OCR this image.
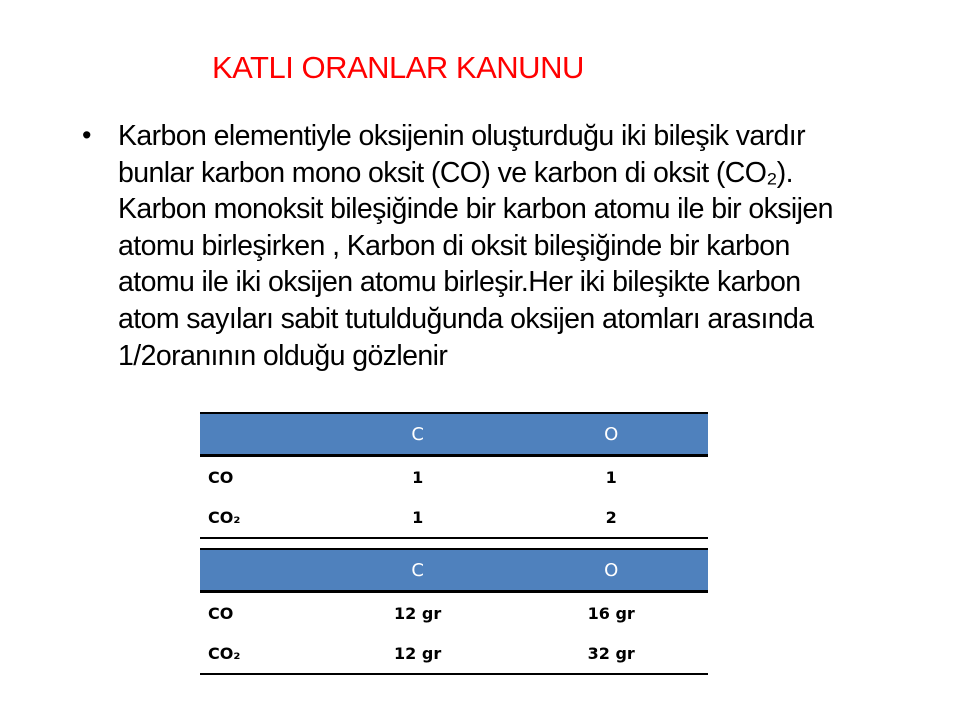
KATLI ORANLAR KANUNU
• Karbon elementiyle oksijenin oluşturduğu iki bileşik vardır bunlar karbon mono oksit (CO) ve karbon di oksit (CO₂). Karbon monoksit bileşiğinde bir karbon atomu ile bir oksijen atomu birleşirken , Karbon di oksit bileşiğinde bir karbon atomu ile iki oksijen atomu birleşir.Her iki bileşikte karbon atom sayıları sabit tutulduğunda oksijen atomları arasında 1/2oranının olduğu gözlenir
	C	O
CO	1	1
CO₂	1	2
	C	O
CO	12 gr	16 gr
CO₂	12 gr	32 gr
